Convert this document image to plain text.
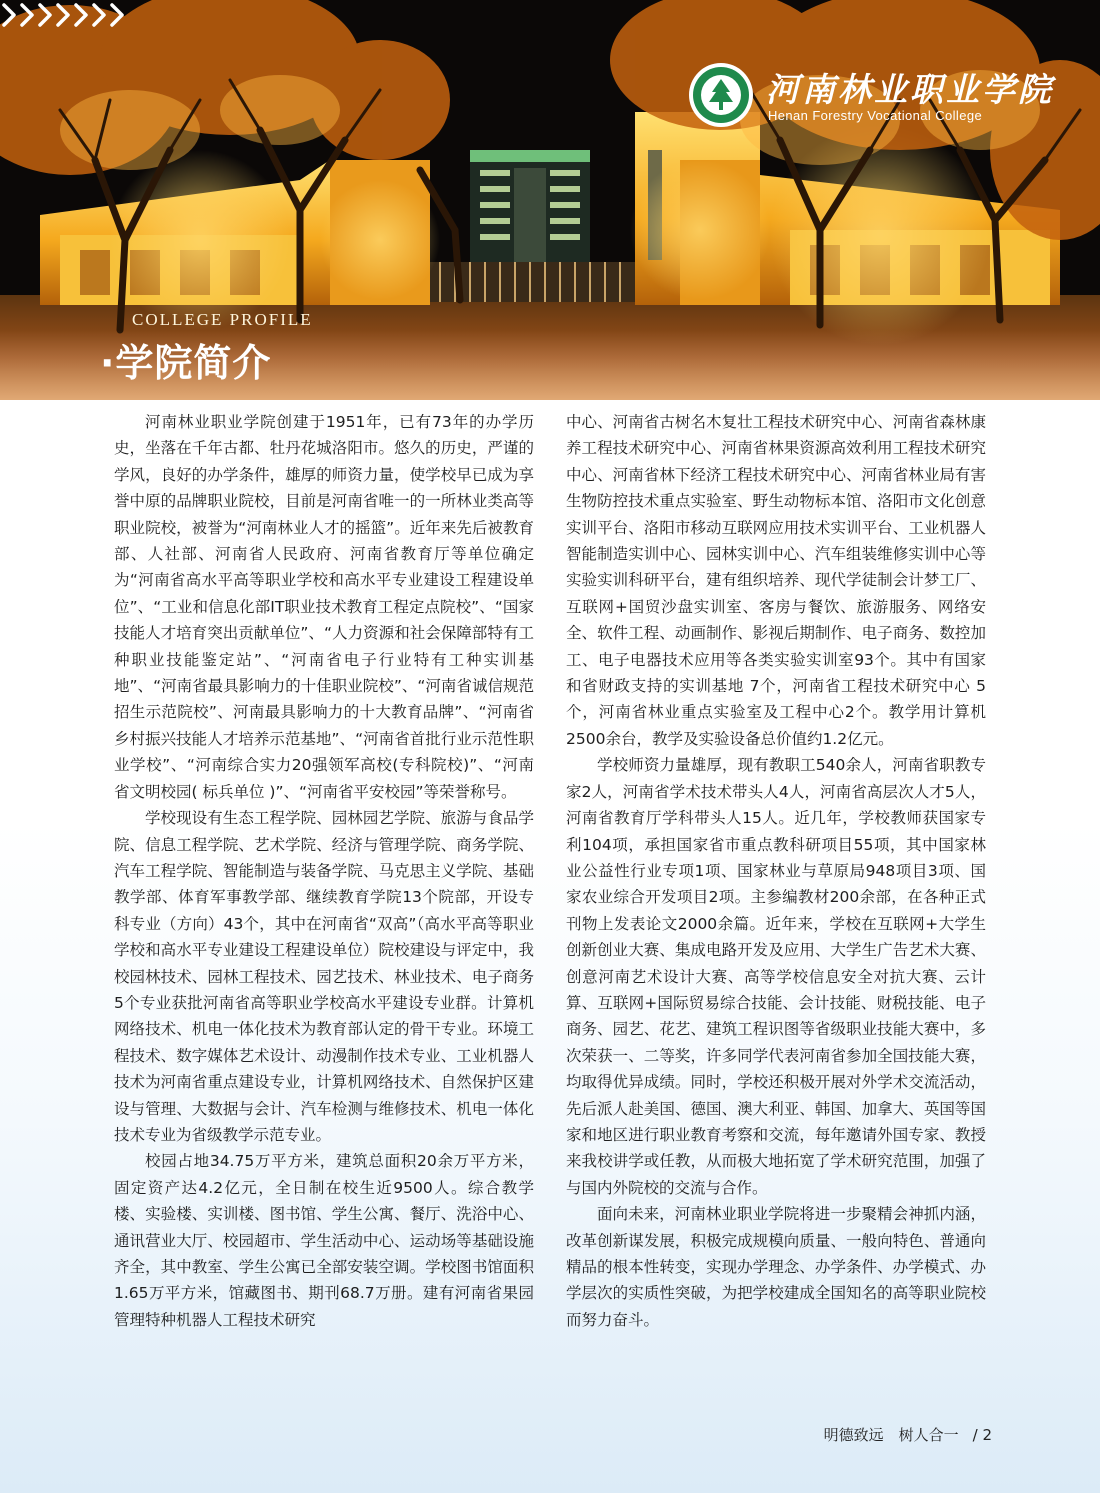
河南林业职业学院
Henan Forestry Vocational College
COLLEGE PROFILE
·学院简介

河南林业职业学院创建于1951年，已有73年的办学历史，坐落在千年古都、牡丹花城洛阳市。悠久的历史，严谨的学风，良好的办学条件，雄厚的师资力量，使学校早已成为享誉中原的品牌职业院校，目前是河南省唯一的一所林业类高等职业院校，被誉为“河南林业人才的摇篮”。近年来先后被教育部、人社部、河南省人民政府、河南省教育厅等单位确定为“河南省高水平高等职业学校和高水平专业建设工程建设单位”、“工业和信息化部IT职业技术教育工程定点院校”、“国家技能人才培育突出贡献单位”、“人力资源和社会保障部特有工种职业技能鉴定站”、“河南省电子行业特有工种实训基地”、“河南省最具影响力的十佳职业院校”、“河南省诚信规范招生示范院校”、河南最具影响力的十大教育品牌”、“河南省乡村振兴技能人才培养示范基地”、“河南省首批行业示范性职业学校”、“河南综合实力20强领军高校(专科院校)”、“河南省文明校园( 标兵单位 )”、“河南省平安校园”等荣誉称号。

学校现设有生态工程学院、园林园艺学院、旅游与食品学院、信息工程学院、艺术学院、经济与管理学院、商务学院、汽车工程学院、智能制造与装备学院、马克思主义学院、基础教学部、体育军事教学部、继续教育学院13个院部，开设专科专业（方向）43个，其中在河南省“双高”（高水平高等职业学校和高水平专业建设工程建设单位）院校建设与评定中，我校园林技术、园林工程技术、园艺技术、林业技术、电子商务5个专业获批河南省高等职业学校高水平建设专业群。计算机网络技术、机电一体化技术为教育部认定的骨干专业。环境工程技术、数字媒体艺术设计、动漫制作技术专业、工业机器人技术为河南省重点建设专业，计算机网络技术、自然保护区建设与管理、大数据与会计、汽车检测与维修技术、机电一体化技术专业为省级教学示范专业。

校园占地34.75万平方米，建筑总面积20余万平方米，固定资产达4.2亿元，全日制在校生近9500人。综合教学楼、实验楼、实训楼、图书馆、学生公寓、餐厅、洗浴中心、通讯营业大厅、校园超市、学生活动中心、运动场等基础设施齐全，其中教室、学生公寓已全部安装空调。学校图书馆面积1.65万平方米，馆藏图书、期刊68.7万册。建有河南省果园管理特种机器人工程技术研究

中心、河南省古树名木复壮工程技术研究中心、河南省森林康养工程技术研究中心、河南省林果资源高效利用工程技术研究中心、河南省林下经济工程技术研究中心、河南省林业局有害生物防控技术重点实验室、野生动物标本馆、洛阳市文化创意实训平台、洛阳市移动互联网应用技术实训平台、工业机器人智能制造实训中心、园林实训中心、汽车组装维修实训中心等实验实训科研平台，建有组织培养、现代学徒制会计梦工厂、互联网+国贸沙盘实训室、客房与餐饮、旅游服务、网络安全、软件工程、动画制作、影视后期制作、电子商务、数控加工、电子电器技术应用等各类实验实训室93个。其中有国家和省财政支持的实训基地 7个，河南省工程技术研究中心 5个，河南省林业重点实验室及工程中心2个。教学用计算机2500余台，教学及实验设备总价值约1.2亿元。

学校师资力量雄厚，现有教职工540余人，河南省职教专家2人，河南省学术技术带头人4人，河南省高层次人才5人，河南省教育厅学科带头人15人。近几年，学校教师获国家专利104项，承担国家省市重点教科研项目55项，其中国家林业公益性行业专项1项、国家林业与草原局948项目3项、国家农业综合开发项目2项。主参编教材200余部，在各种正式刊物上发表论文2000余篇。近年来，学校在互联网+大学生创新创业大赛、集成电路开发及应用、大学生广告艺术大赛、创意河南艺术设计大赛、高等学校信息安全对抗大赛、云计算、互联网+国际贸易综合技能、会计技能、财税技能、电子商务、园艺、花艺、建筑工程识图等省级职业技能大赛中，多次荣获一、二等奖，许多同学代表河南省参加全国技能大赛，均取得优异成绩。同时，学校还积极开展对外学术交流活动，先后派人赴美国、德国、澳大利亚、韩国、加拿大、英国等国家和地区进行职业教育考察和交流，每年邀请外国专家、教授来我校讲学或任教，从而极大地拓宽了学术研究范围，加强了与国内外院校的交流与合作。

面向未来，河南林业职业学院将进一步聚精会神抓内涵，改革创新谋发展，积极完成规模向质量、一般向特色、普通向精品的根本性转变，实现办学理念、办学条件、办学模式、办学层次的实质性突破，为把学校建成全国知名的高等职业院校而努力奋斗。

明德致远　树人合一 / 2
